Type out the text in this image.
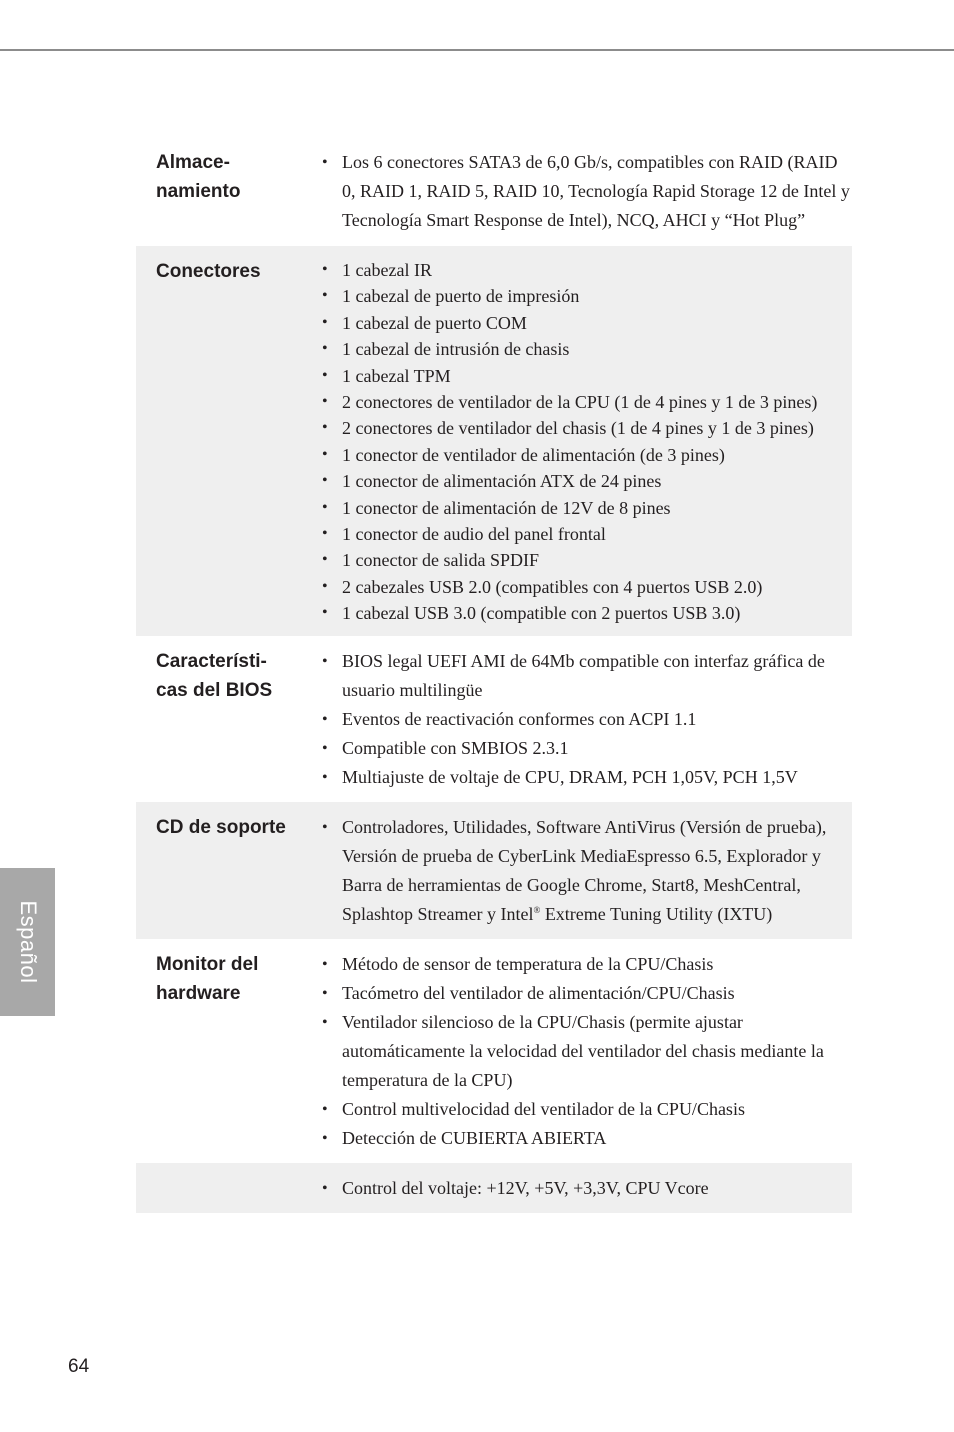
Español
Almace-
namiento
• Los 6 conectores SATA3 de 6,0 Gb/s, compatibles con RAID (RAID 0, RAID 1, RAID 5, RAID 10, Tecnología Rapid Storage 12 de Intel y Tecnología Smart Response de Intel), NCQ, AHCI y “Hot Plug”
Conectores	• 1 cabezal IR
• 1 cabezal de puerto de impresión
• 1 cabezal de puerto COM
• 1 cabezal de intrusión de chasis
• 1 cabezal TPM
• 2 conectores de ventilador de la CPU (1 de 4 pines y 1 de 3 pines)
• 2 conectores de ventilador del chasis (1 de 4 pines y 1 de 3 pines)
• 1 conector de ventilador de alimentación (de 3 pines)
• 1 conector de alimentación ATX de 24 pines
• 1 conector de alimentación de 12V de 8 pines
• 1 conector de audio del panel frontal
• 1 conector de salida SPDIF
• 2 cabezales USB 2.0 (compatibles con 4 puertos USB 2.0)
• 1 cabezal USB 3.0 (compatible con 2 puertos USB 3.0)
Característi-
cas del BIOS
• BIOS legal UEFI AMI de 64Mb compatible con interfaz gráfica de usuario multilingüe
• Eventos de reactivación conformes con ACPI 1.1
• Compatible con SMBIOS 2.3.1
• Multiajuste de voltaje de CPU, DRAM, PCH 1,05V, PCH 1,5V
CD de soporte	• Controladores, Utilidades, Software AntiVirus (Versión de prueba), Versión de prueba de CyberLink MediaEspresso 6.5, Explorador y Barra de herramientas de Google Chrome, Start8, MeshCentral, Splashtop Streamer y Intel® Extreme Tuning Utility (IXTU)
Monitor del
hardware
• Método de sensor de temperatura de la CPU/Chasis
• Tacómetro del ventilador de alimentación/CPU/Chasis
• Ventilador silencioso de la CPU/Chasis (permite ajustar automáticamente la velocidad del ventilador del chasis mediante la temperatura de la CPU)
• Control multivelocidad del ventilador de la CPU/Chasis
• Detección de CUBIERTA ABIERTA
• Control del voltaje: +12V, +5V, +3,3V, CPU Vcore
64
